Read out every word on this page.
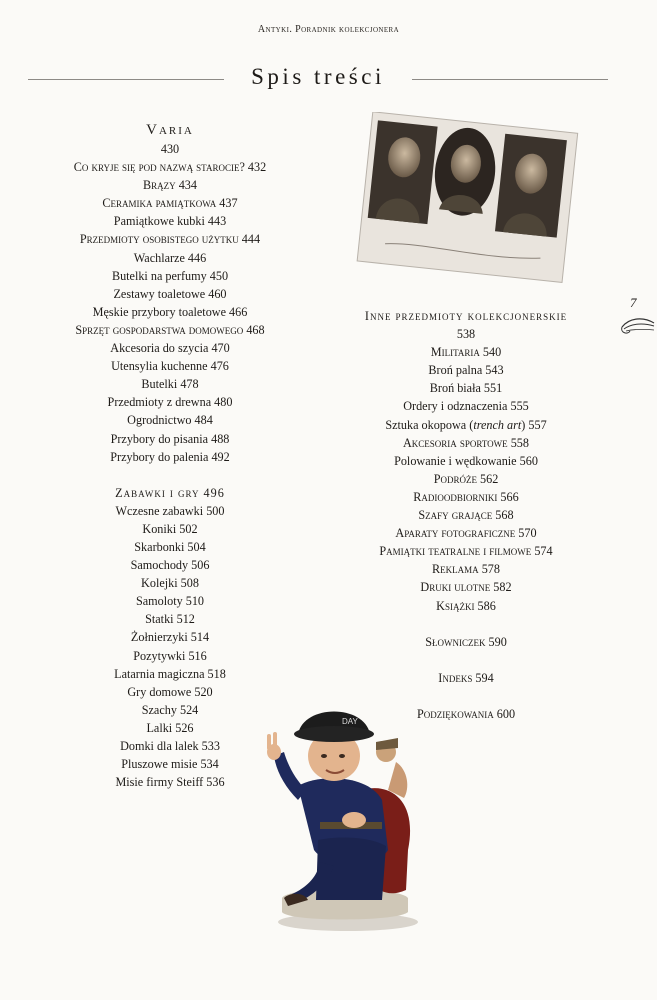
Antyki. Poradnik kolekcjonera
Spis treści
Varia
430
Co kryje się pod nazwą starocie? 432
Brązy 434
Ceramika pamiątkowa 437
Pamiątkowe kubki 443
Przedmioty osobistego użytku 444
Wachlarze 446
Butelki na perfumy 450
Zestawy toaletowe 460
Męskie przybory toaletowe 466
Sprzęt gospodarstwa domowego 468
Akcesoria do szycia 470
Utensylia kuchenne 476
Butelki 478
Przedmioty z drewna 480
Ogrodnictwo 484
Przybory do pisania 488
Przybory do palenia 492
Zabawki i gry 496
Wczesne zabawki 500
Koniki 502
Skarbonki 504
Samochody 506
Kolejki 508
Samoloty 510
Statki 512
Żołnierzyki 514
Pozytywki 516
Latarnia magiczna 518
Gry domowe 520
Szachy 524
Lalki 526
Domki dla lalek 533
Pluszowe misie 534
Misie firmy Steiff 536
Inne przedmioty kolekcjonerskie
538
Militaria 540
Broń palna 543
Broń biała 551
Ordery i odznaczenia 555
Sztuka okopowa (trench art) 557
Akcesoria sportowe 558
Polowanie i wędkowanie 560
Podróże 562
Radioodbiorniki 566
Szafy grające 568
Aparaty fotograficzne 570
Pamiątki teatralne i filmowe 574
Reklama 578
Druki ulotne 582
Książki 586
Słowniczek 590
Indeks 594
Podziękowania 600
7
DAY
